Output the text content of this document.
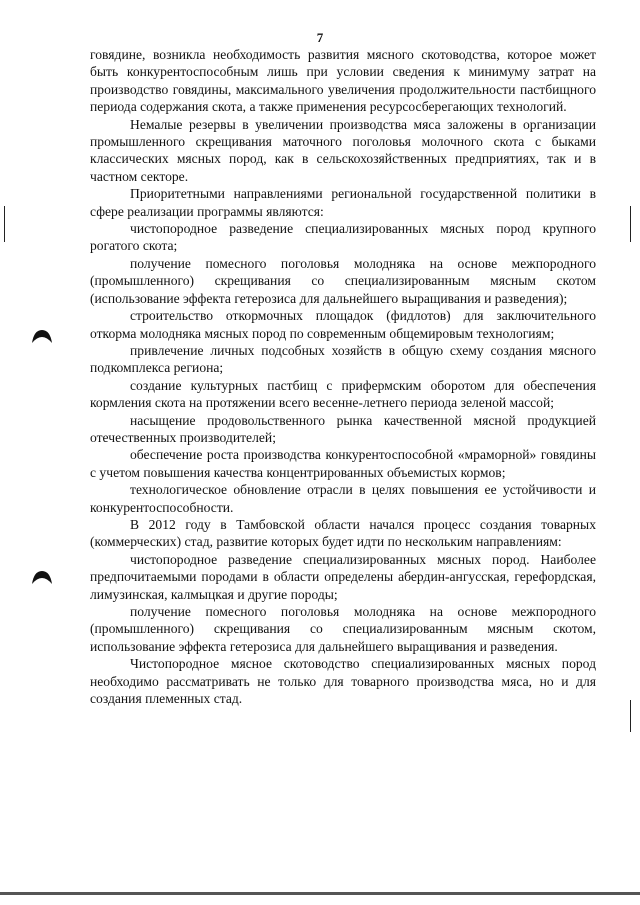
7

говядине, возникла необходимость развития мясного скотоводства, которое может быть конкурентоспособным лишь при условии сведения к минимуму затрат на производство говядины, максимального увеличения продолжительности пастбищного периода содержания скота, а также применения ресурсосберегающих технологий.

Немалые резервы в увеличении производства мяса заложены в организации промышленного скрещивания маточного поголовья молочного скота с быками классических мясных пород, как в сельскохозяйственных предприятиях, так и в частном секторе.

Приоритетными направлениями региональной государственной политики в сфере реализации программы являются:

чистопородное разведение специализированных мясных пород крупного рогатого скота;

получение помесного поголовья молодняка на основе межпородного (промышленного) скрещивания со специализированным мясным скотом (использование эффекта гетерозиса для дальнейшего выращивания и разведения);

строительство откормочных площадок (фидлотов) для заключительного откорма молодняка мясных пород по современным общемировым технологиям;

привлечение личных подсобных хозяйств в общую схему создания мясного подкомплекса региона;

создание культурных пастбищ с прифермским оборотом для обеспечения кормления скота на протяжении всего весенне-летнего периода зеленой массой;

насыщение продовольственного рынка качественной мясной продукцией отечественных производителей;

обеспечение роста производства конкурентоспособной «мраморной» говядины с учетом повышения качества концентрированных объемистых кормов;

технологическое обновление отрасли в целях повышения ее устойчивости и конкурентоспособности.

В 2012 году в Тамбовской области начался процесс создания товарных (коммерческих) стад, развитие которых будет идти по нескольким направлениям:

чистопородное разведение специализированных мясных пород. Наиболее предпочитаемыми породами в области определены абердин-ангусская, герефордская, лимузинская, калмыцкая и другие породы;

получение помесного поголовья молодняка на основе межпородного (промышленного) скрещивания со специализированным мясным скотом, использование эффекта гетерозиса для дальнейшего выращивания и разведения.

Чистопородное мясное скотоводство специализированных мясных пород необходимо рассматривать не только для товарного производства мяса, но и для создания племенных стад.
